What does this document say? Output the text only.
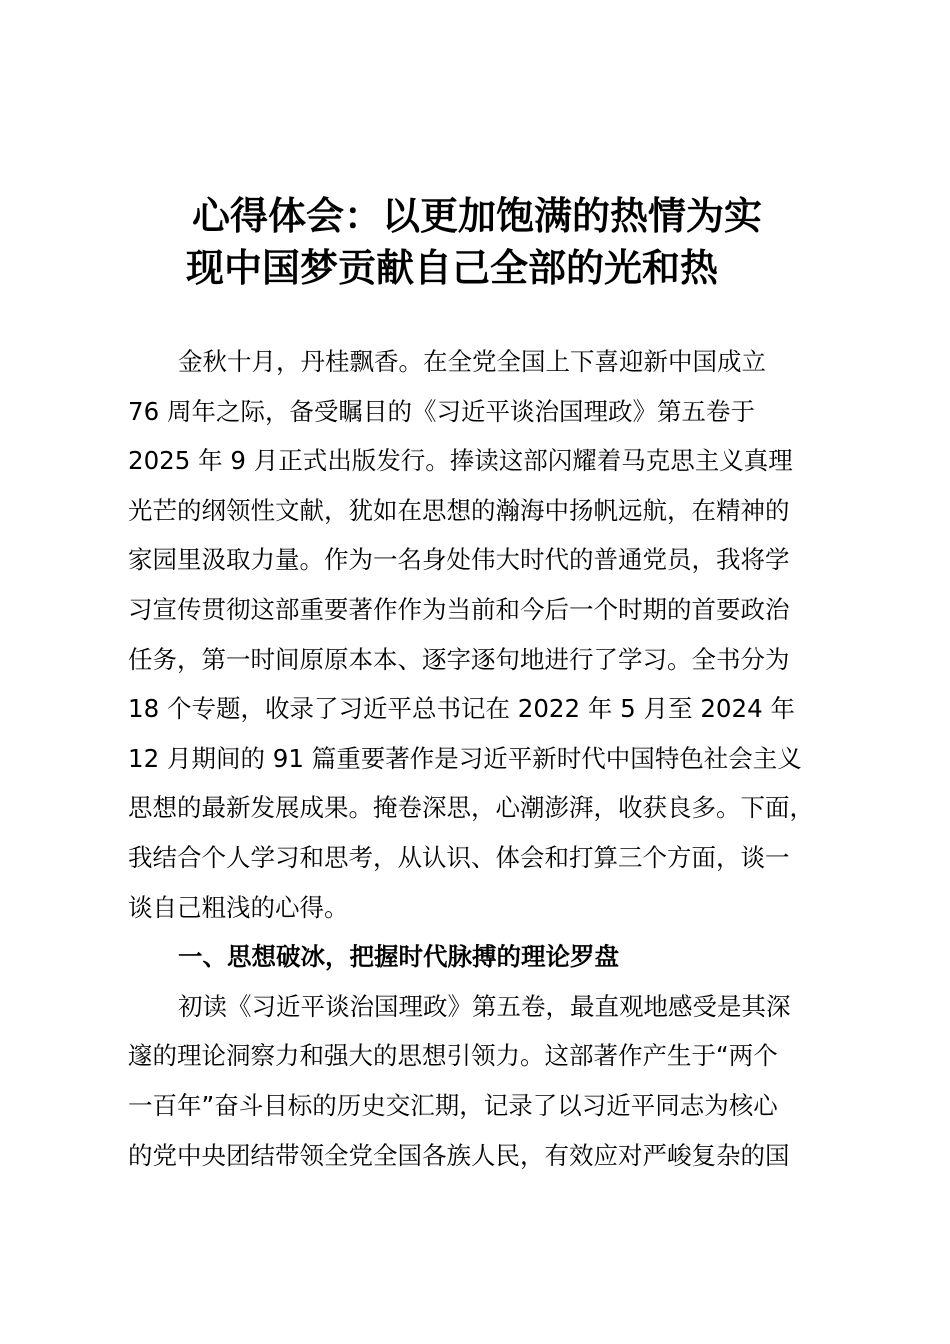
心得体会：以更加饱满的热情为实
现中国梦贡献自己全部的光和热
金秋十月，丹桂飘香。在全党全国上下喜迎新中国成立
76 周年之际，备受瞩目的《习近平谈治国理政》第五卷于
2025 年 9 月正式出版发行。捧读这部闪耀着马克思主义真理
光芒的纲领性文献，犹如在思想的瀚海中扬帆远航，在精神的
家园里汲取力量。作为一名身处伟大时代的普通党员，我将学
习宣传贯彻这部重要著作作为当前和今后一个时期的首要政治
任务，第一时间原原本本、逐字逐句地进行了学习。全书分为
18 个专题，收录了习近平总书记在 2022 年 5 月至 2024 年
12 月期间的 91 篇重要著作是习近平新时代中国特色社会主义
思想的最新发展成果。掩卷深思，心潮澎湃，收获良多。下面，
我结合个人学习和思考，从认识、体会和打算三个方面，谈一
谈自己粗浅的心得。
一、思想破冰，把握时代脉搏的理论罗盘
初读《习近平谈治国理政》第五卷，最直观地感受是其深
邃的理论洞察力和强大的思想引领力。这部著作产生于“两个
一百年”奋斗目标的历史交汇期，记录了以习近平同志为核心
的党中央团结带领全党全国各族人民，有效应对严峻复杂的国
